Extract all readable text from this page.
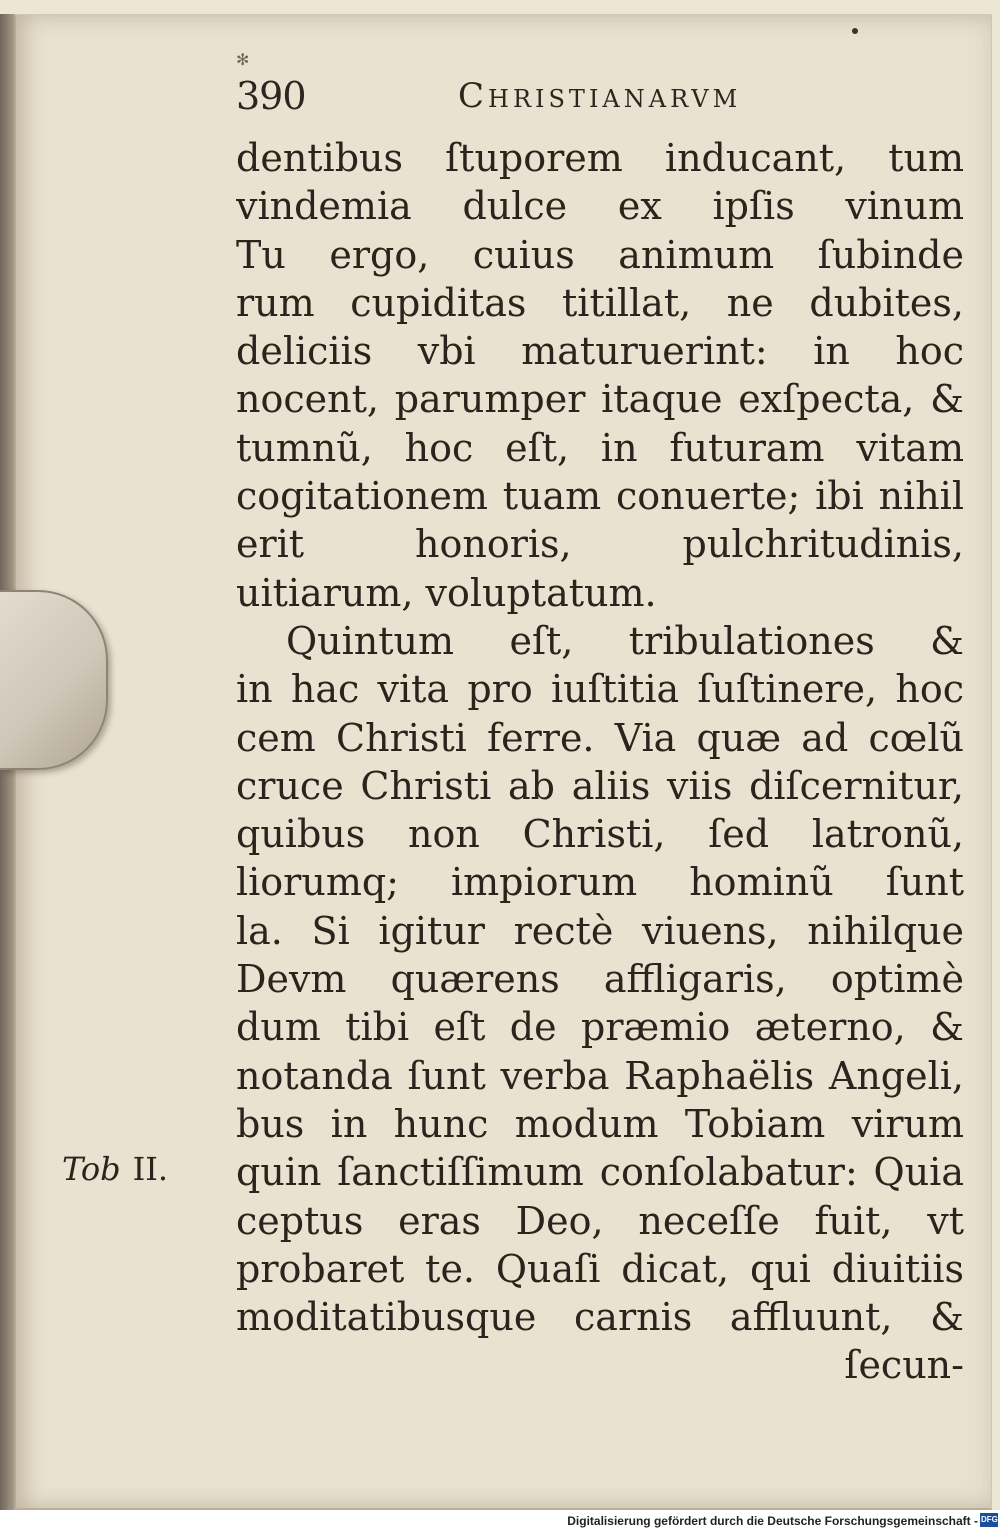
✻
390	Christianarvm
dentibus ſtuporem inducant, tum
vindemia dulce ex ipſis vinum
Tu ergo, cuius animum ſubinde
rum cupiditas titillat, ne dubites,
deliciis vbi maturuerint: in hoc
nocent, parumper itaque exſpecta, &
tumnũ, hoc eſt, in futuram vitam
cogitationem tuam conuerte; ibi nihil
erit honoris, pulchritudinis,
uitiarum, voluptatum.
Quintum eſt, tribulationes &
in hac vita pro iuſtitia ſuſtinere, hoc
cem Christi ferre. Via quæ ad cœlũ
cruce Christi ab aliis viis diſcernitur,
quibus non Christi, ſed latronũ,
liorumq; impiorum hominũ ſunt
la. Si igitur rectè viuens, nihilque
Devm quærens affligaris, optimè
dum tibi eſt de præmio æterno, &
notanda ſunt verba Raphaëlis Angeli,
bus in hunc modum Tobiam virum
quin ſanctiſſimum conſolabatur: Quia
ceptus eras Deo, neceſſe fuit, vt
probaret te. Quaſi dicat, qui diuitiis
moditatibusque carnis affluunt, &
ſecun-
Tob II.
Digitalisierung gefördert durch die Deutsche Forschungsgemeinschaft - DFG
